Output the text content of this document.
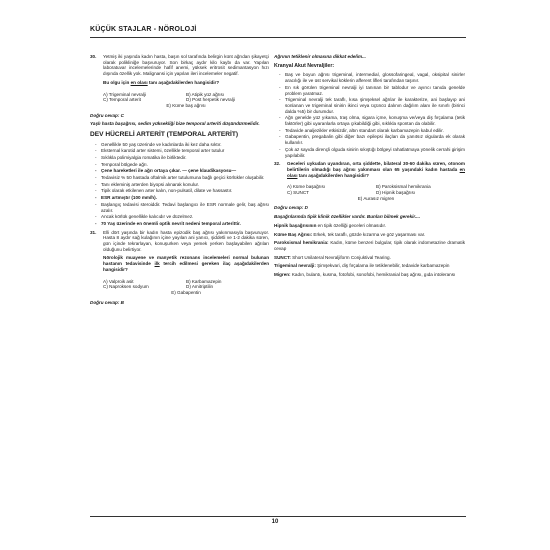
KÜÇÜK STAJLAR - NÖROLOJİ
30.	Yetmiş iki yaşında kadın hasta, başın sol tarafında belirgin künt ağrıdan şikayetçi olarak polikliniğe başvuruyor. Son birkaç aydır kilo kaybı da var. Yapılan laboratuvar incelemelerinde hafif anemi, yüksek eritrosit sedimantasyon hızı dışında özellik yok. Malignansi için yapılan ileri incelemeler negatif.

Bu olgu için en olası tanı aşağıdakilerden hangisidir?

A) Trigeminal nevralji	B) Atipik yüz ağrısı
C) Temporal arterit	D) Post herpetik nevralji
E) Küme baş ağrısı

Doğru cevap: C

Yaşlı hasta başağrısı, sedim yüksekliği bize temporal arteriti düşündürmelidir.

DEV HÜCRELİ ARTERİT (TEMPORAL ARTERİT)
- Genellikle 50 yaş üzerinde ve kadınlarda iki kez daha sıktır.
- Eksternal karotid arter sistemi, özellikle temporal arter tutulur
- Sıklıkla polimiyalgia romatika ile birliktedir.
- Temporal bölgede ağrı.
- Çene hareketleri ile ağrı ortaya çıkar. — çene klaudikasyosu—
- Tedavisiz % 50 hastada oftalmik arter tutulumuna bağlı geçici körlükler oluşabilir.
- Tanı ekleminiş arterden biyopsi alınarak konulur.
- Tipik olarak etkilenen arter kalın, non-pulsatil, dilate ve hassastır.
- ESR artmıştır (100 mm/h).
- Başlangıç tedavisi steroiddir. Tedavi başlangıcı ile ESR normale gelir, baş ağrısı azalır.
- Ancak körlük genellikle kalıcıdır ve düzelmez.
- 70 Yaş üzerinde en önemli optik nevrit nedeni temporal arterittir.
31.	Elli dört yaşında bir kadın hasta epizodik baş ağrısı yakınmasıyla başvuruyor. Hasta 8 aydır sağ kulağının içine yayılan ani yanıcı, şiddetli ve 1-2 dakika süren, gün içinde tekrarlayan, konuşurken veya yemek yerken başlayabilen ağrıları olduğunu belirtiyor.

Nörolojik muayene ve manyetik rezonans incelemeleri normal bulunan hastanın tedavisinde ilk tercih edilmesi gereken ilaç aşağıdakilerden hangisidir?

A) Valproik asit	B) Karbamazepin
C) Naproksen sodyum	D) Amitriptilin
E) Gabapentin

Doğru cevap: B

Ağrının tetiklenir olmasına dikkat edelim...

Kranyal Akut Nevraljiler:

- Baş ve boyun ağrısı trigeminal, intermedial, glossofaringeal, vagal, oksipital sinirler aracılığı ile ve üst servikal köklerin afferent lifleri tarafından taşınır.
- En sık görülen trigeminal nevralji iyi tanınan bir tablodur ve ayırıcı tanıda genelde problem yaratmaz.
- Trigeminal nevralji tek taraflı, kısa şimşeksel ağrılar ile karakterize, ani başlayıp ani sonlanan ve trigeminal sinirin ikinci veya üçüncü dalının dağılım alanı ile sınırlı (birinci dalda %5) bir durumdur.
- Ağrı genelde yüz yıkama, traş olma, sigara içme, konuşma ve/veya diş fırçalama (tetik faktörler) gibi uyaranlarla ortaya çıkabildiği gibi, sıklıkla spontan da olabilir.
- Tedavide analjezikler etkisizdir, altın standart olarak karbamazepin kabul edilir.
- Gabapentin, pregabalin gibi diğer bazı epilepsi ilaçları da yanıtsız olgularda ek olarak kullanılır.
- Çok az sayıda dirençli olguda sinirin sıkıştığı bölgeyi rahatlatmaya yönelik cerrahi girişim yapılabilir.
32.	Geceleri uykudan uyandıran, orta şiddette, bilateral 30-60 dakika süren, otonom belirtilerin olmadığı baş ağrısı yakınması olan 65 yaşındaki kadın hastada en olası tanı aşağıdakilerden hangisidir?

A) Küme başağrısı	B) Paroksismal hemikrania
C) SUNCT	D) Hipnik başağrısı
E) Aurasız migren

Doğru cevap: D

Başağrılarında tipik klinik özellikler vardır. Bunları bilmek gerekir....

Hipnik başağrısının en tipik özelliği geceleri olmasıdır.

Küme Baş Ağrısı: Erkek, tek taraflı, gözde kızarma ve göz yaşarması var.

Paroksismal hemikrania: Kadın, küme benzeri bulgular, tipik olarak indometazine dramatik cevap

SUNCT: Short Unilateral Nevraljiform Conjuktival Tearing.

Trigeminal nevralji: Şimşekvari, diş fırçalama ile tetiklenebilir, tedavide karbamazepin

Migren: Kadın, bulantı, kusma, fotofobi, sonofobi, hemikranial baş ağrısı, gıda intoleransı

10
